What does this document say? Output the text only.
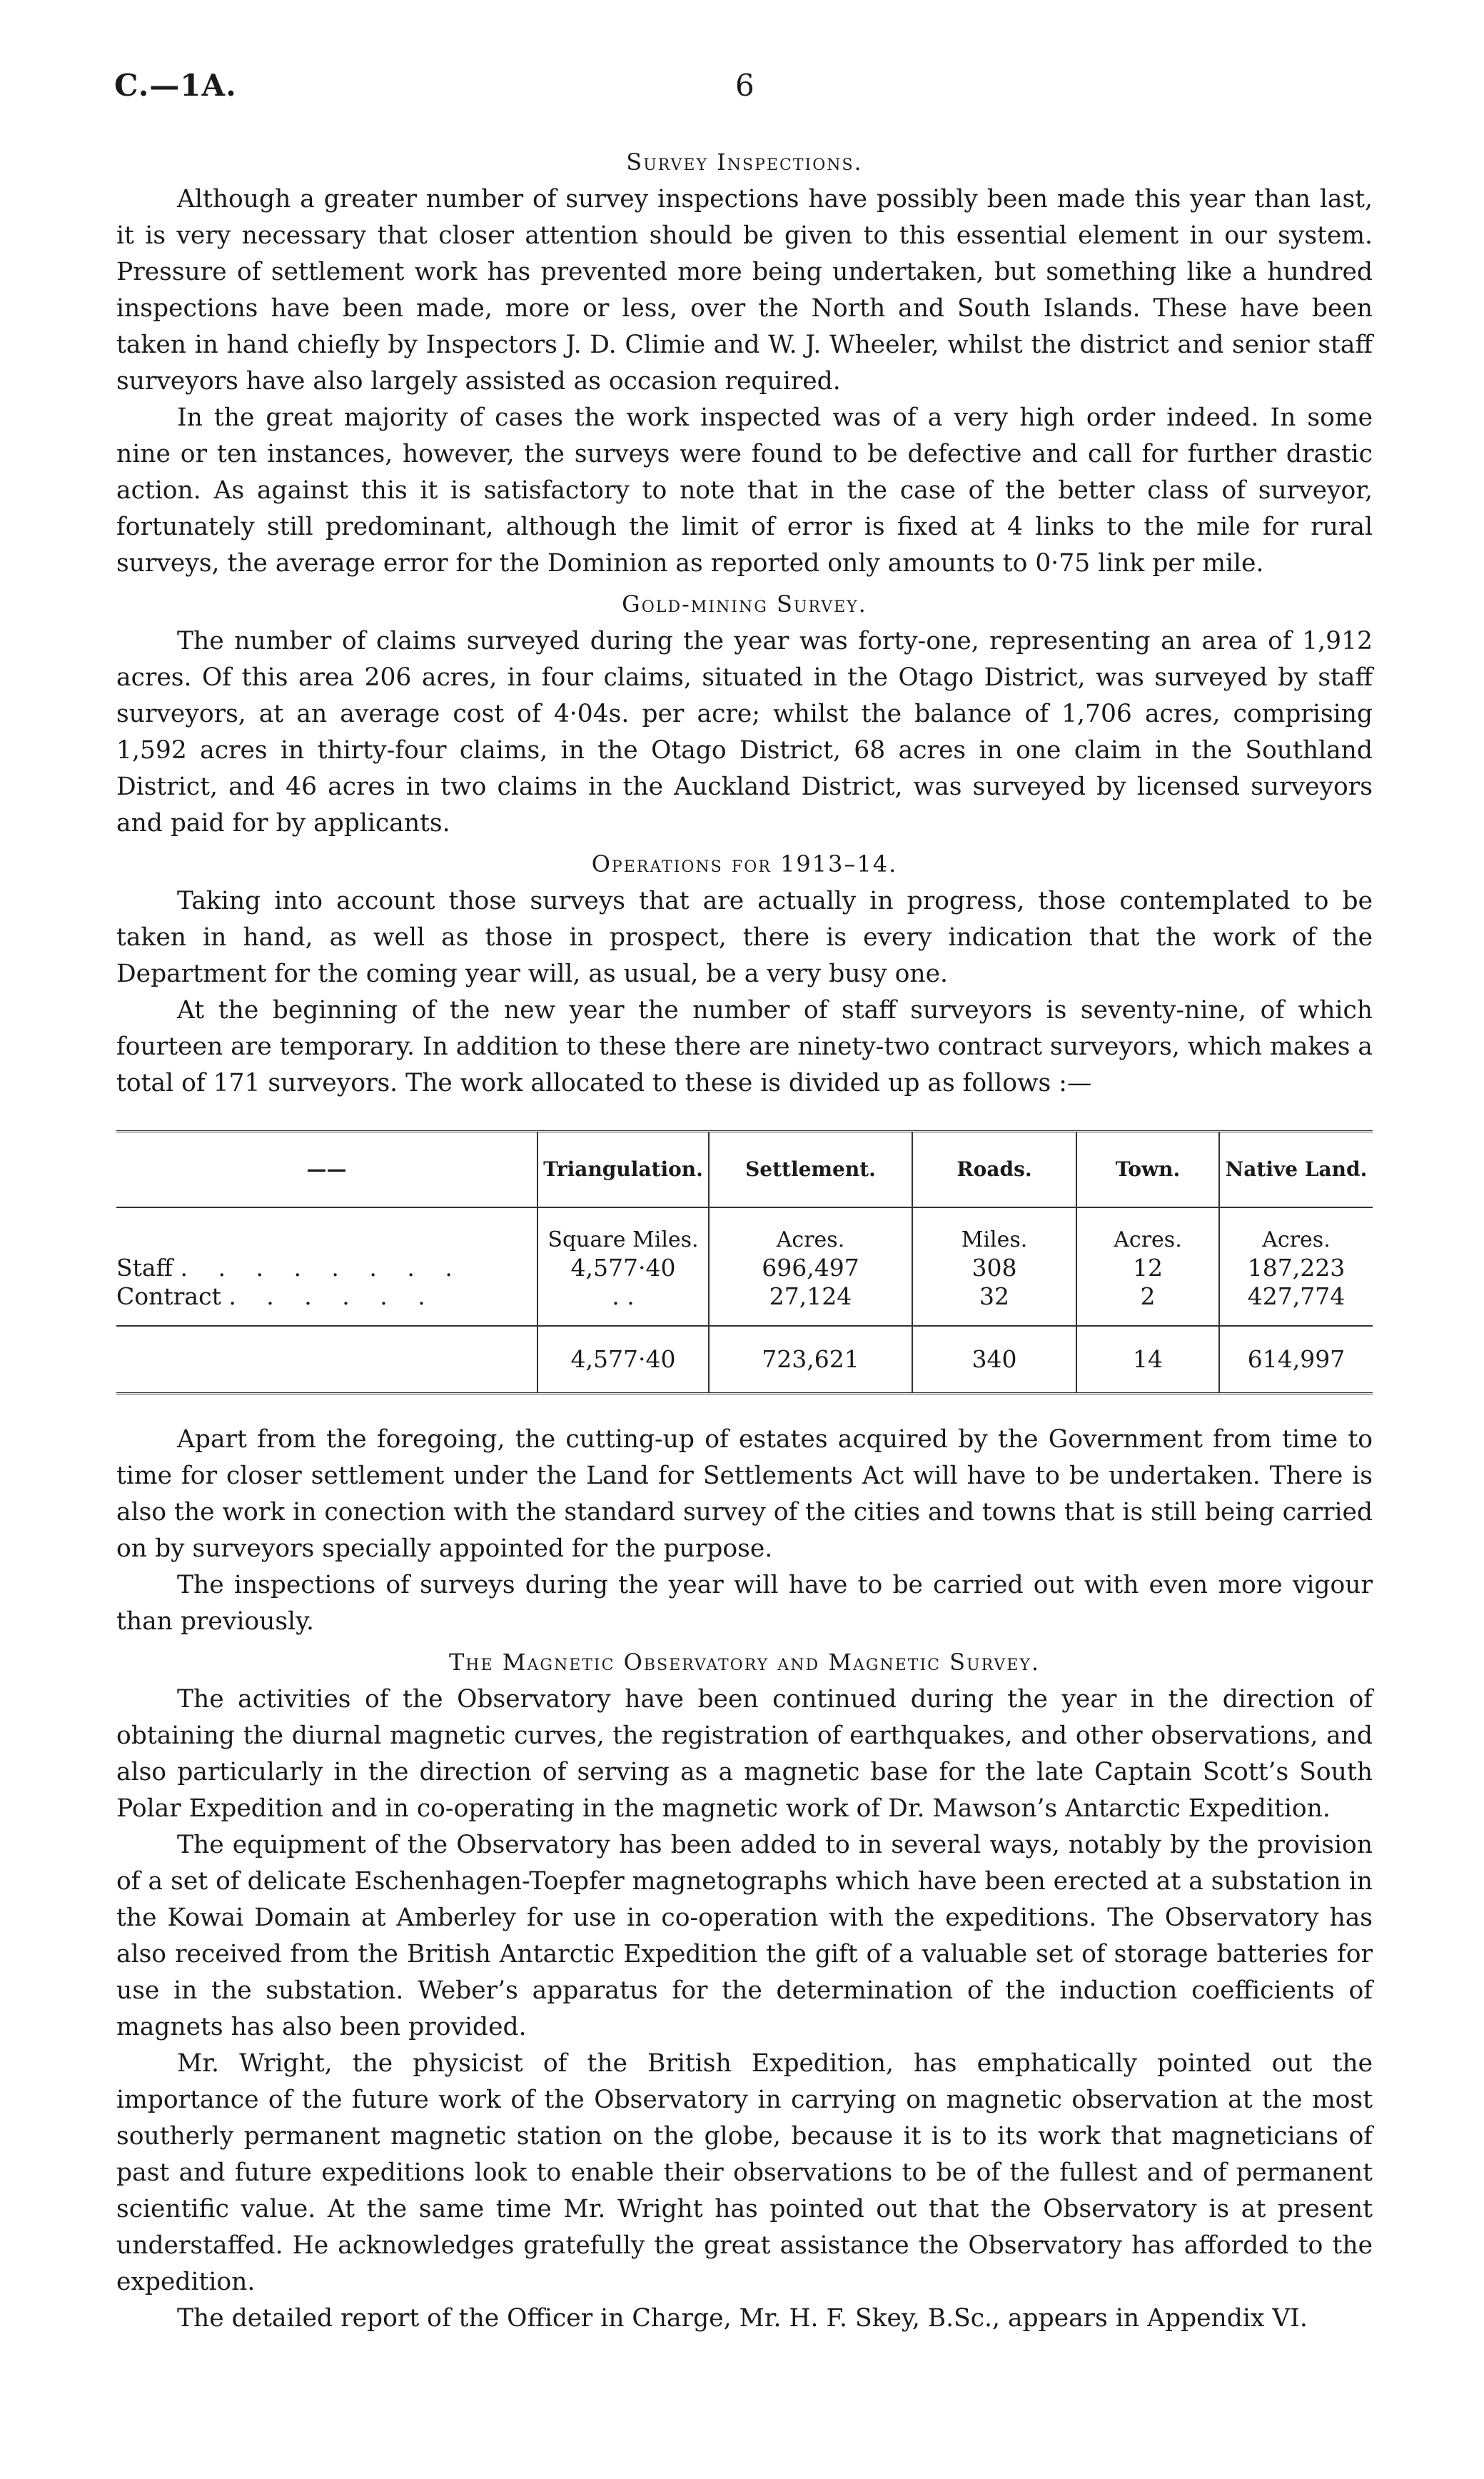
C.—1A.	6
Survey Inspections.

Although a greater number of survey inspections have possibly been made this year than last, it is very necessary that closer attention should be given to this essential element in our system. Pressure of settlement work has prevented more being undertaken, but something like a hundred inspections have been made, more or less, over the North and South Islands. These have been taken in hand chiefly by Inspectors J. D. Climie and W. J. Wheeler, whilst the district and senior staff surveyors have also largely assisted as occasion required.

In the great majority of cases the work inspected was of a very high order indeed. In some nine or ten instances, however, the surveys were found to be defective and call for further drastic action. As against this it is satisfactory to note that in the case of the better class of surveyor, fortunately still predominant, although the limit of error is fixed at 4 links to the mile for rural surveys, the average error for the Dominion as reported only amounts to 0·75 link per mile.

Gold-mining Survey.

The number of claims surveyed during the year was forty-one, representing an area of 1,912 acres. Of this area 206 acres, in four claims, situated in the Otago District, was surveyed by staff surveyors, at an average cost of 4·04s. per acre; whilst the balance of 1,706 acres, comprising 1,592 acres in thirty-four claims, in the Otago District, 68 acres in one claim in the Southland District, and 46 acres in two claims in the Auckland District, was surveyed by licensed surveyors and paid for by applicants.

Operations for 1913–14.

Taking into account those surveys that are actually in progress, those contemplated to be taken in hand, as well as those in prospect, there is every indication that the work of the Department for the coming year will, as usual, be a very busy one.

At the beginning of the new year the number of staff surveyors is seventy-nine, of which fourteen are temporary. In addition to these there are ninety-two contract surveyors, which makes a total of 171 surveyors. The work allocated to these is divided up as follows :—

——	Triangulation.	Settlement.	Roads.	Town.	Native Land.
	Square Miles.	Acres.	Miles.	Acres.	Acres.
Staff . . . . . . . .	4,577·40	696,497	308	12	187,223
Contract . . . . . .	. .	27,124	32	2	427,774
	4,577·40	723,621	340	14	614,997

Apart from the foregoing, the cutting-up of estates acquired by the Government from time to time for closer settlement under the Land for Settlements Act will have to be undertaken. There is also the work in conection with the standard survey of the cities and towns that is still being carried on by surveyors specially appointed for the purpose.

The inspections of surveys during the year will have to be carried out with even more vigour than previously.

The Magnetic Observatory and Magnetic Survey.

The activities of the Observatory have been continued during the year in the direction of obtaining the diurnal magnetic curves, the registration of earthquakes, and other observations, and also particularly in the direction of serving as a magnetic base for the late Captain Scott’s South Polar Expedition and in co-operating in the magnetic work of Dr. Mawson’s Antarctic Expedition.

The equipment of the Observatory has been added to in several ways, notably by the provision of a set of delicate Eschenhagen-Toepfer magnetographs which have been erected at a substation in the Kowai Domain at Amberley for use in co-operation with the expeditions. The Observatory has also received from the British Antarctic Expedition the gift of a valuable set of storage batteries for use in the substation. Weber’s apparatus for the determination of the induction coefficients of magnets has also been provided.

Mr. Wright, the physicist of the British Expedition, has emphatically pointed out the importance of the future work of the Observatory in carrying on magnetic observation at the most southerly permanent magnetic station on the globe, because it is to its work that magneticians of past and future expeditions look to enable their observations to be of the fullest and of permanent scientific value. At the same time Mr. Wright has pointed out that the Observatory is at present understaffed. He acknowledges gratefully the great assistance the Observatory has afforded to the expedition.

The detailed report of the Officer in Charge, Mr. H. F. Skey, B.Sc., appears in Appendix VI.
